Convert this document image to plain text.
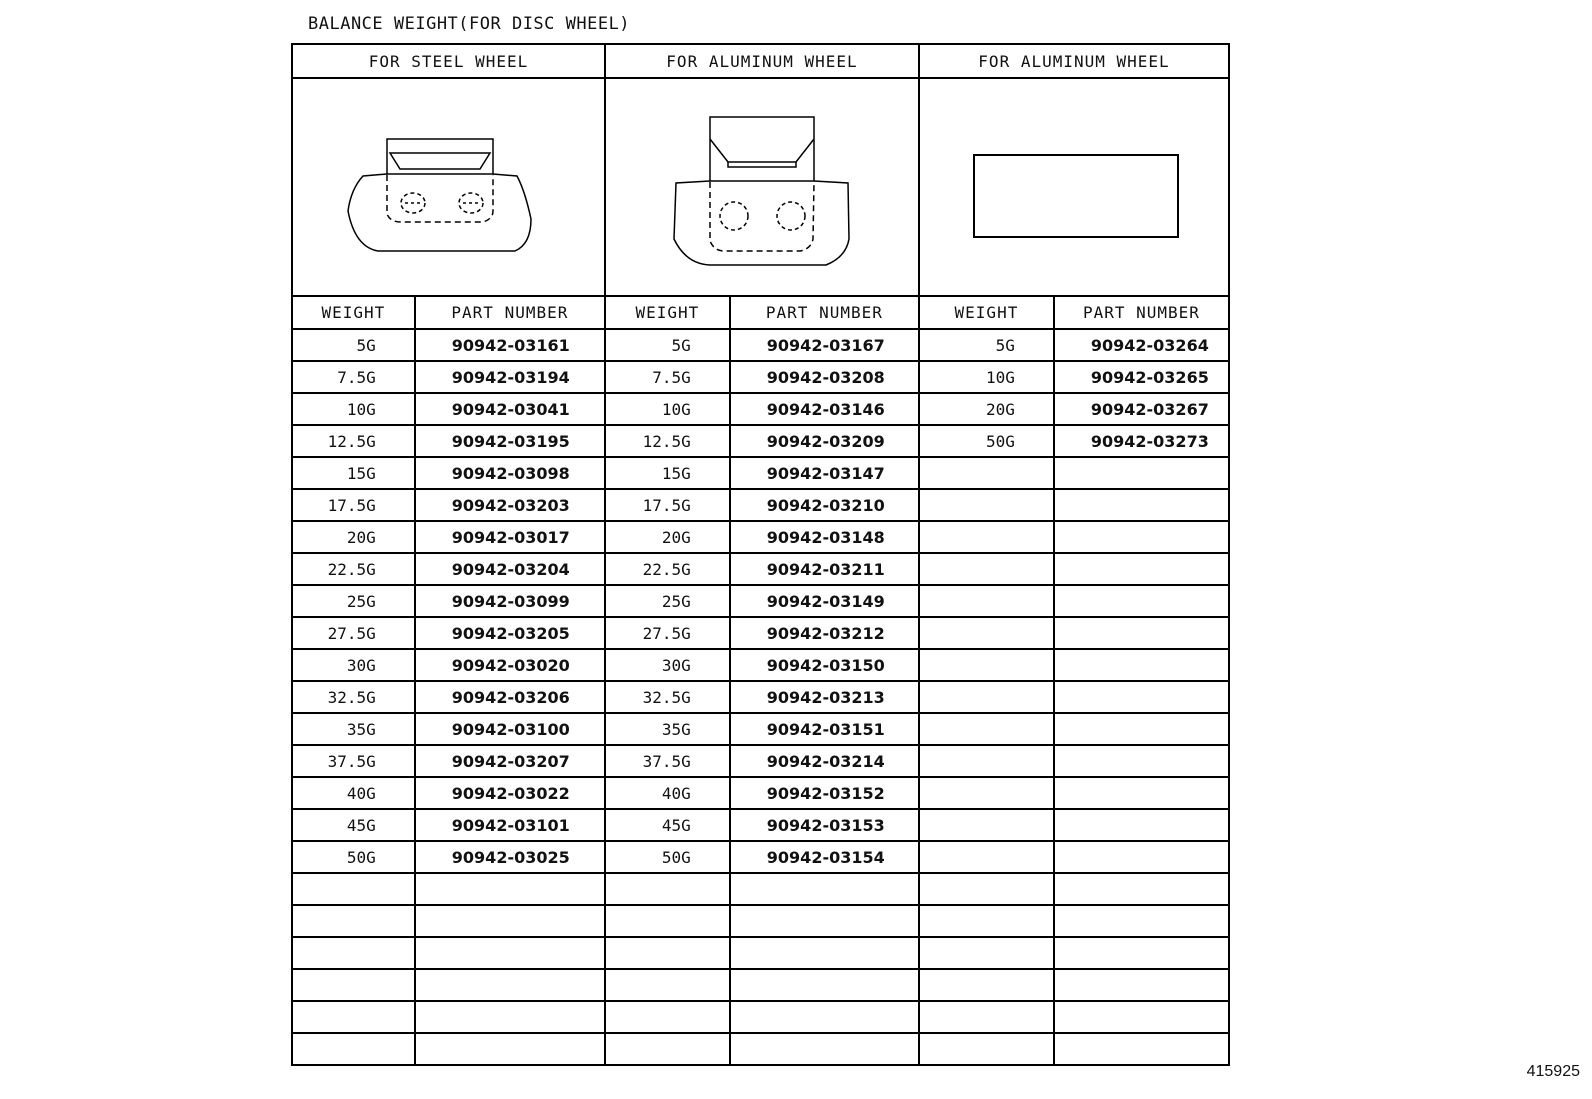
BALANCE WEIGHT(FOR DISC WHEEL)
FOR STEEL WHEEL		FOR ALUMINUM WHEEL		FOR ALUMINUM WHEEL	

WEIGHT	PART NUMBER	WEIGHT	PART NUMBER	WEIGHT	PART NUMBER
5G	90942-03161	5G	90942-03167	5G	90942-03264
7.5G	90942-03194	7.5G	90942-03208	10G	90942-03265
10G	90942-03041	10G	90942-03146	20G	90942-03267
12.5G	90942-03195	12.5G	90942-03209	50G	90942-03273
15G	90942-03098	15G	90942-03147		
17.5G	90942-03203	17.5G	90942-03210		
20G	90942-03017	20G	90942-03148		
22.5G	90942-03204	22.5G	90942-03211		
25G	90942-03099	25G	90942-03149		
27.5G	90942-03205	27.5G	90942-03212		
30G	90942-03020	30G	90942-03150		
32.5G	90942-03206	32.5G	90942-03213		
35G	90942-03100	35G	90942-03151		
37.5G	90942-03207	37.5G	90942-03214		
40G	90942-03022	40G	90942-03152		
45G	90942-03101	45G	90942-03153		
50G	90942-03025	50G	90942-03154		

415925
